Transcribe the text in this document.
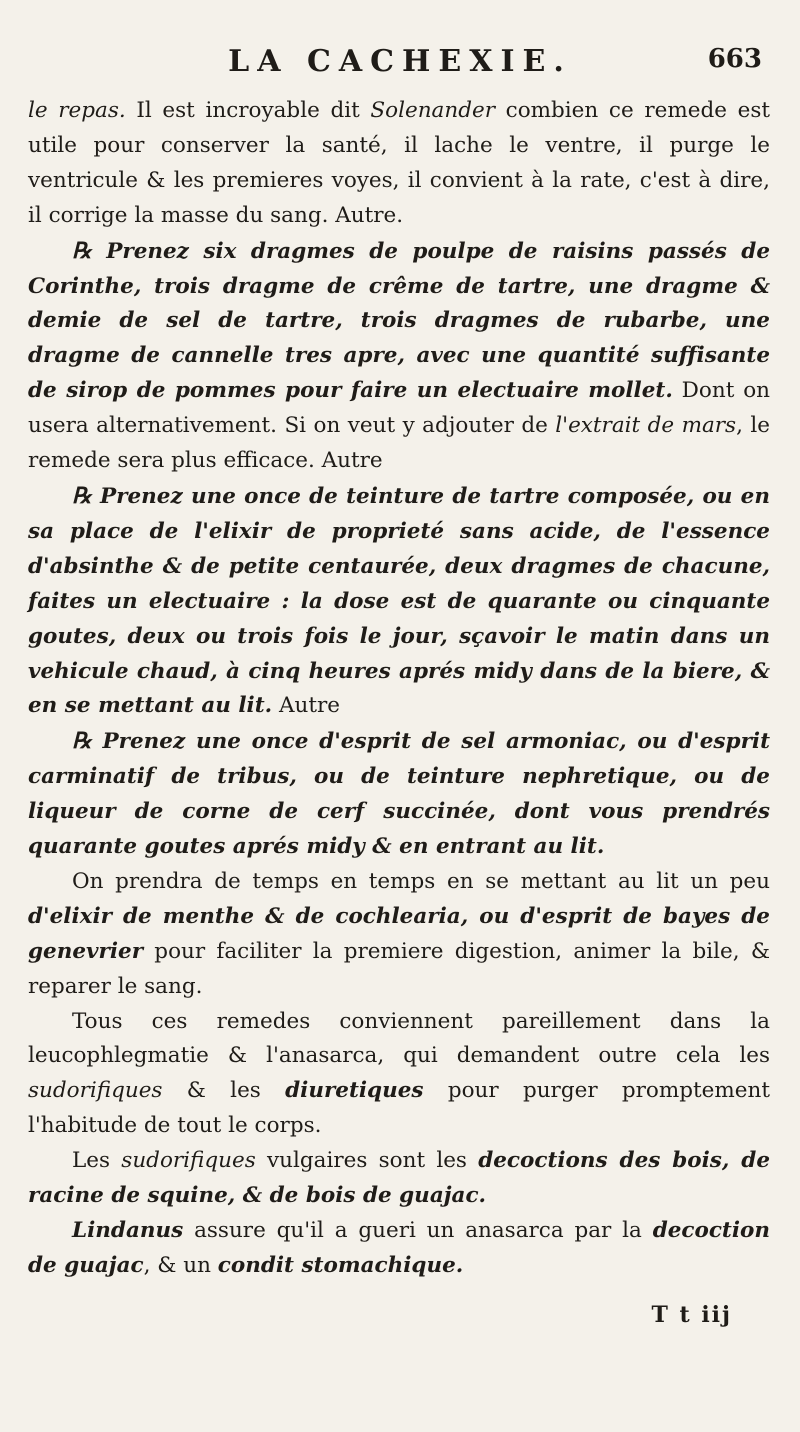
LA CACHEXIE.	663

le repas. Il est incroyable dit Solenander combien ce remede est utile pour conserver la santé, il lache le ventre, il purge le ventricule & les premieres voyes, il convient à la rate, c'est à dire, il corrige la masse du sang. Autre.

℞ Prenez six dragmes de poulpe de raisins passés de Corinthe, trois dragme de crême de tartre, une dragme & demie de sel de tartre, trois dragmes de rubarbe, une dragme de cannelle tres apre, avec une quantité suffisante de sirop de pommes pour faire un electuaire mollet. Dont on usera alternativement. Si on veut y adjouter de l'extrait de mars, le remede sera plus efficace. Autre

℞ Prenez une once de teinture de tartre composée, ou en sa place de l'elixir de proprieté sans acide, de l'essence d'absinthe & de petite centaurée, deux dragmes de chacune, faites un electuaire : la dose est de quarante ou cinquante goutes, deux ou trois fois le jour, sçavoir le matin dans un vehicule chaud, à cinq heures aprés midy dans de la biere, & en se mettant au lit. Autre

℞ Prenez une once d'esprit de sel armoniac, ou d'esprit carminatif de tribus, ou de teinture nephretique, ou de liqueur de corne de cerf succinée, dont vous prendrés quarante goutes aprés midy & en entrant au lit.

On prendra de temps en temps en se mettant au lit un peu d'elixir de menthe & de cochlearia, ou d'esprit de bayes de genevrier pour faciliter la premiere digestion, animer la bile, & reparer le sang.

Tous ces remedes conviennent pareillement dans la leucophlegmatie & l'anasarca, qui demandent outre cela les sudorifiques & les diuretiques pour purger promptement l'habitude de tout le corps.

Les sudorifiques vulgaires sont les decoctions des bois, de racine de squine, & de bois de guajac.

Lindanus assure qu'il a gueri un anasarca par la decoction de guajac, & un condit stomachique.

T t iij
